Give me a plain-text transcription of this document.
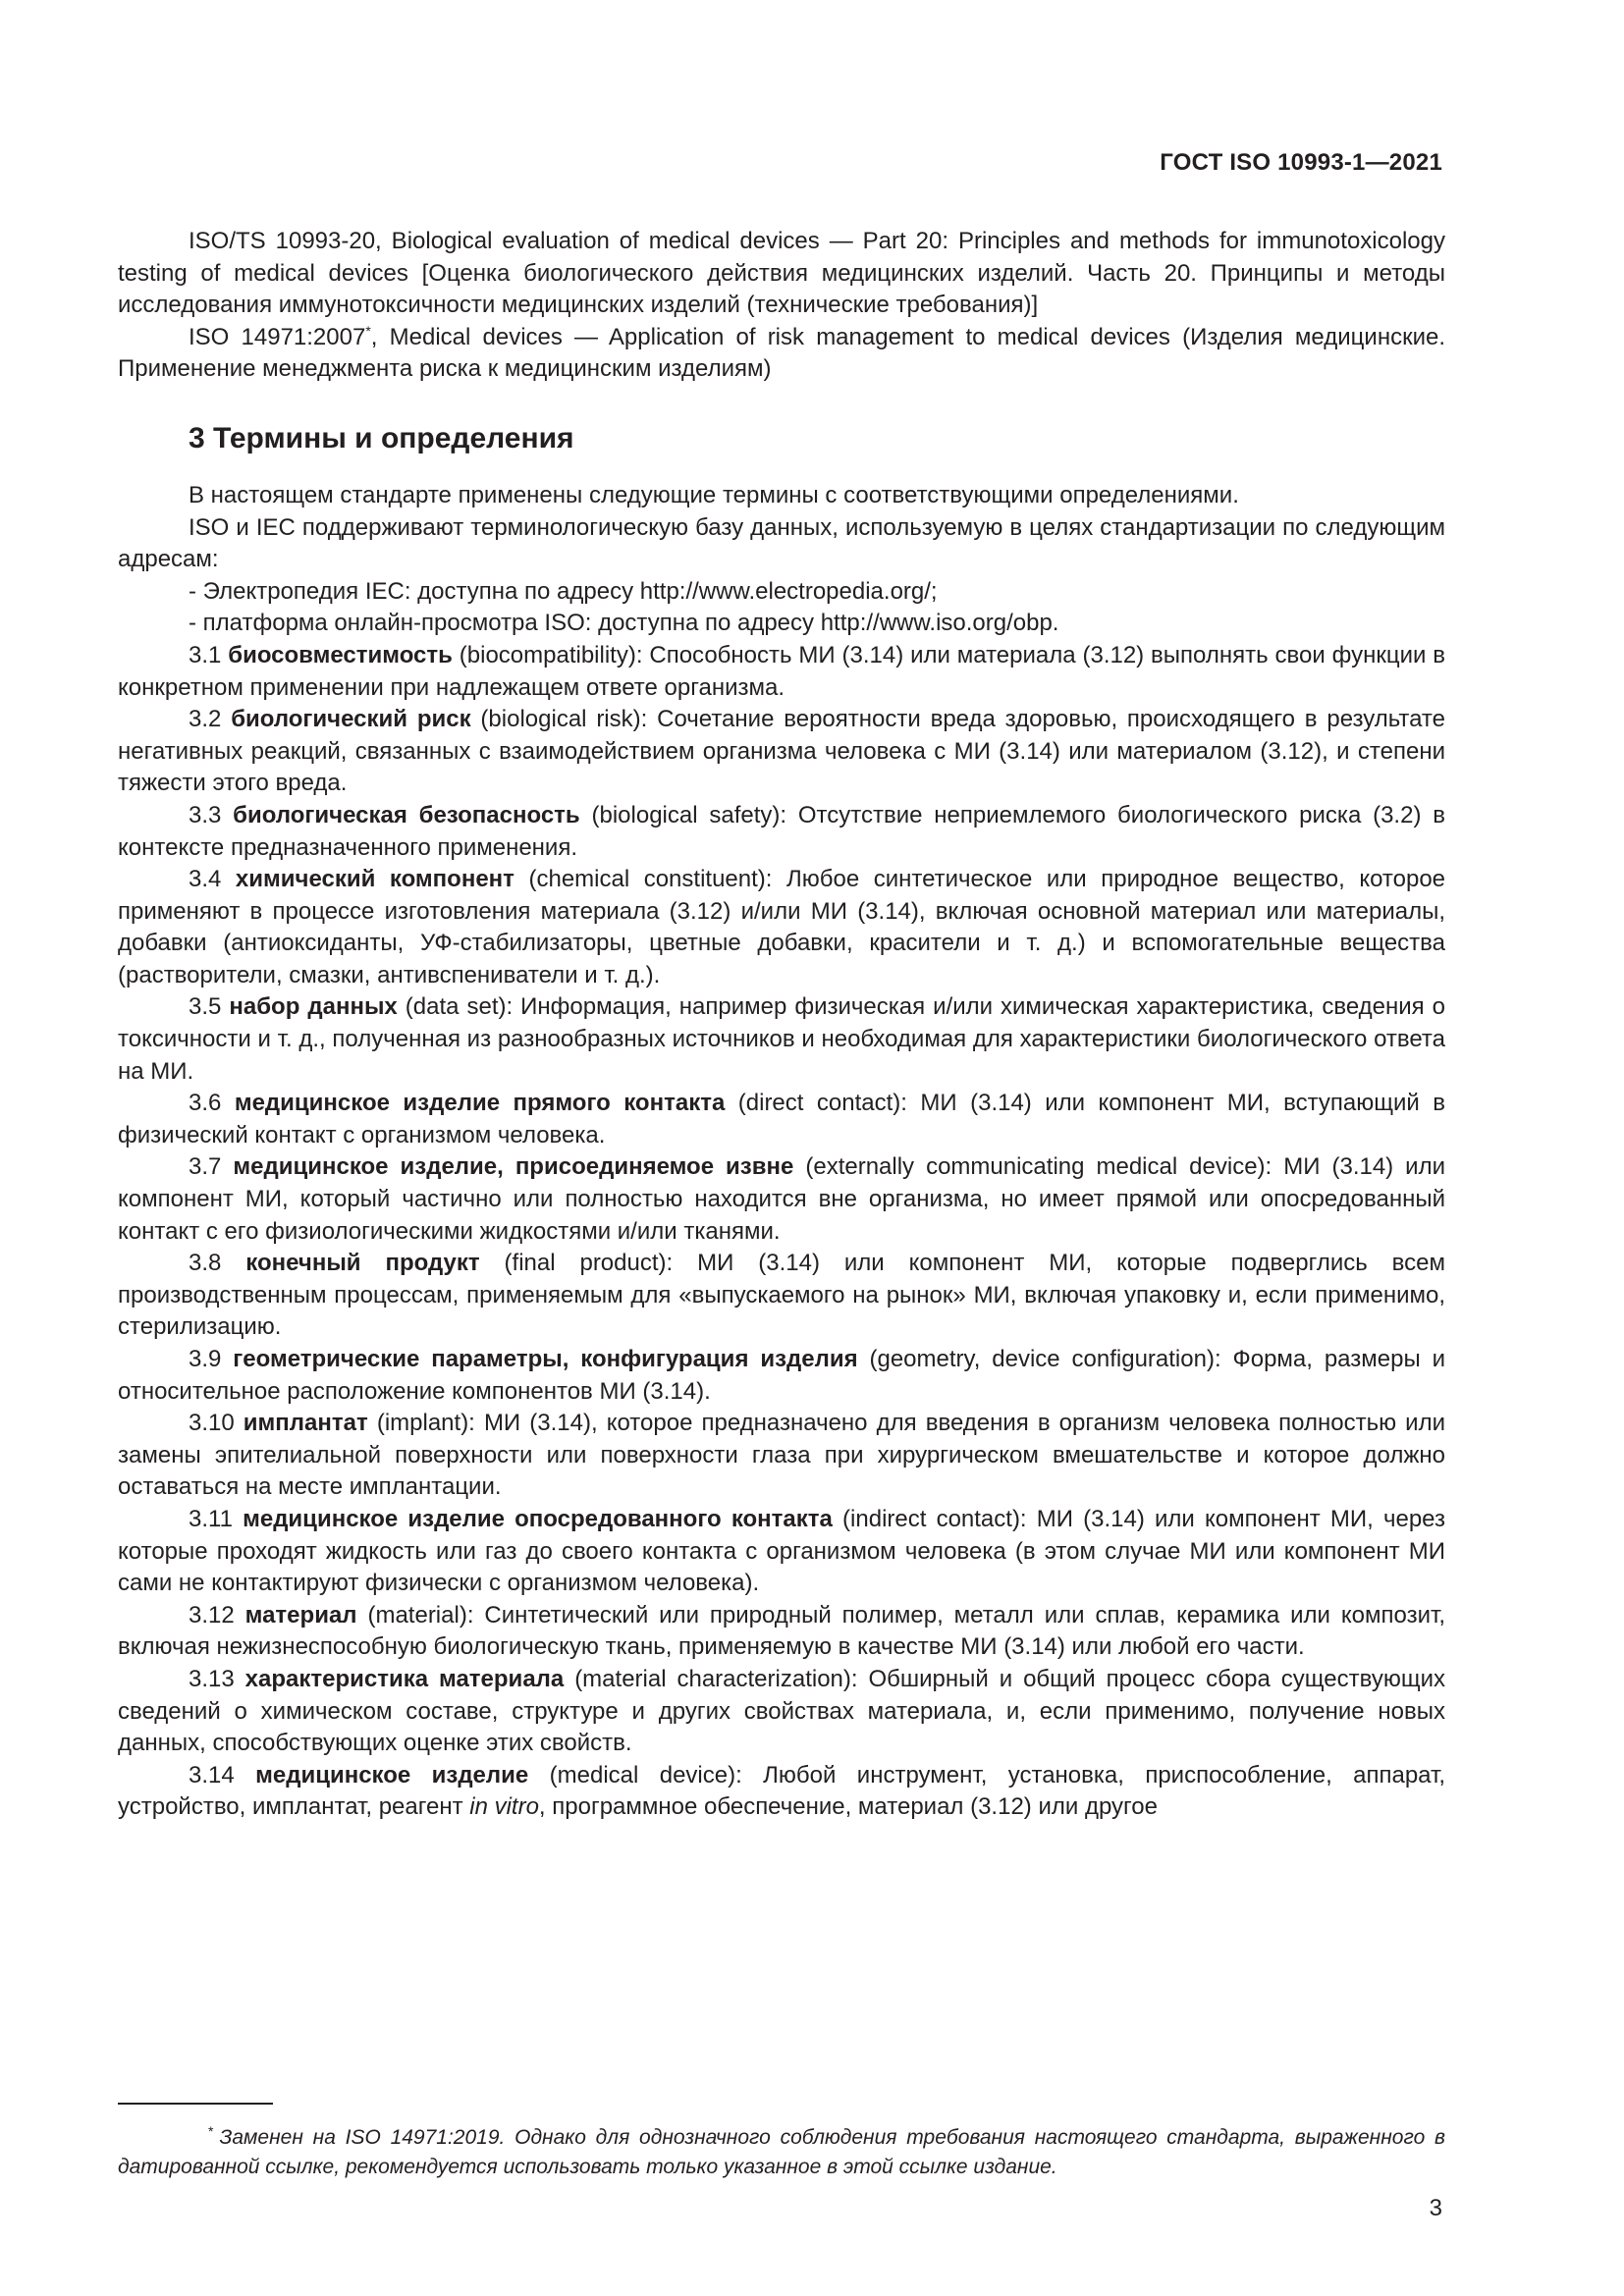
ГОСТ ISO 10993-1—2021

ISO/TS 10993-20, Biological evaluation of medical devices — Part 20: Principles and methods for immunotoxicology testing of medical devices [Оценка биологического действия медицинских изделий. Часть 20. Принципы и методы исследования иммунотоксичности медицинских изделий (технические требования)]

ISO 14971:2007*, Medical devices — Application of risk management to medical devices (Изделия медицинские. Применение менеджмента риска к медицинским изделиям)

3 Термины и определения

В настоящем стандарте применены следующие термины с соответствующими определениями.

ISO и IEC поддерживают терминологическую базу данных, используемую в целях стандартизации по следующим адресам:

- Электропедия IEC: доступна по адресу http://www.electropedia.org/;

- платформа онлайн-просмотра ISO: доступна по адресу http://www.iso.org/obp.

3.1 биосовместимость (biocompatibility): Способность МИ (3.14) или материала (3.12) выполнять свои функции в конкретном применении при надлежащем ответе организма.

3.2 биологический риск (biological risk): Сочетание вероятности вреда здоровью, происходящего в результате негативных реакций, связанных с взаимодействием организма человека с МИ (3.14) или материалом (3.12), и степени тяжести этого вреда.

3.3 биологическая безопасность (biological safety): Отсутствие неприемлемого биологического риска (3.2) в контексте предназначенного применения.

3.4 химический компонент (chemical constituent): Любое синтетическое или природное вещество, которое применяют в процессе изготовления материала (3.12) и/или МИ (3.14), включая основной материал или материалы, добавки (антиоксиданты, УФ-стабилизаторы, цветные добавки, красители и т. д.) и вспомогательные вещества (растворители, смазки, антивспениватели и т. д.).

3.5 набор данных (data set): Информация, например физическая и/или химическая характеристика, сведения о токсичности и т. д., полученная из разнообразных источников и необходимая для характеристики биологического ответа на МИ.

3.6 медицинское изделие прямого контакта (direct contact): МИ (3.14) или компонент МИ, вступающий в физический контакт с организмом человека.

3.7 медицинское изделие, присоединяемое извне (externally communicating medical device): МИ (3.14) или компонент МИ, который частично или полностью находится вне организма, но имеет прямой или опосредованный контакт с его физиологическими жидкостями и/или тканями.

3.8 конечный продукт (final product): МИ (3.14) или компонент МИ, которые подверглись всем производственным процессам, применяемым для «выпускаемого на рынок» МИ, включая упаковку и, если применимо, стерилизацию.

3.9 геометрические параметры, конфигурация изделия (geometry, device configuration): Форма, размеры и относительное расположение компонентов МИ (3.14).

3.10 имплантат (implant): МИ (3.14), которое предназначено для введения в организм человека полностью или замены эпителиальной поверхности или поверхности глаза при хирургическом вмешательстве и которое должно оставаться на месте имплантации.

3.11 медицинское изделие опосредованного контакта (indirect contact): МИ (3.14) или компонент МИ, через которые проходят жидкость или газ до своего контакта с организмом человека (в этом случае МИ или компонент МИ сами не контактируют физически с организмом человека).

3.12 материал (material): Синтетический или природный полимер, металл или сплав, керамика или композит, включая нежизнеспособную биологическую ткань, применяемую в качестве МИ (3.14) или любой его части.

3.13 характеристика материала (material characterization): Обширный и общий процесс сбора существующих сведений о химическом составе, структуре и других свойствах материала, и, если применимо, получение новых данных, способствующих оценке этих свойств.

3.14 медицинское изделие (medical device): Любой инструмент, установка, приспособление, аппарат, устройство, имплантат, реагент in vitro, программное обеспечение, материал (3.12) или другое

* Заменен на ISO 14971:2019. Однако для однозначного соблюдения требования настоящего стандарта, выраженного в датированной ссылке, рекомендуется использовать только указанное в этой ссылке издание.
3
